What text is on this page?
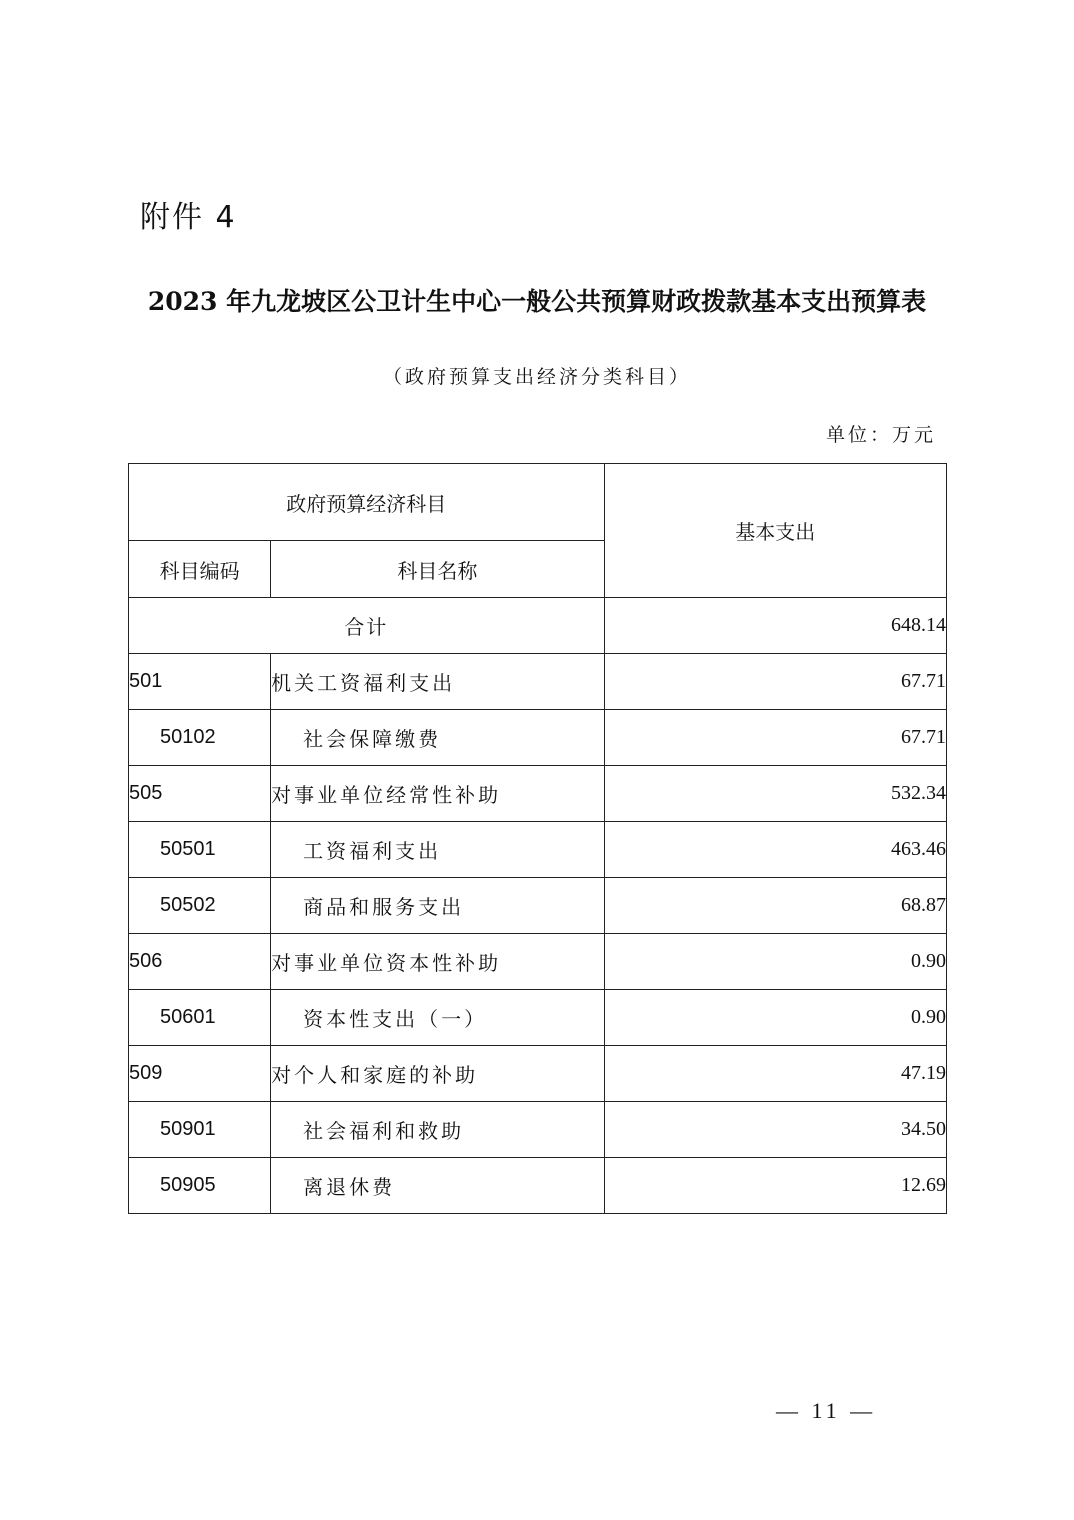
附件 4
2023 年九龙坡区公卫计生中心一般公共预算财政拨款基本支出预算表
（政府预算支出经济分类科目）
单位：万元
政府预算经济科目		基本支出
科目编码	科目名称	
合计		648.14
501	机关工资福利支出	67.71
50102	社会保障缴费	67.71
505	对事业单位经常性补助	532.34
50501	工资福利支出	463.46
50502	商品和服务支出	68.87
506	对事业单位资本性补助	0.90
50601	资本性支出（一）	0.90
509	对个人和家庭的补助	47.19
50901	社会福利和救助	34.50
50905	离退休费	12.69
— 11 —
